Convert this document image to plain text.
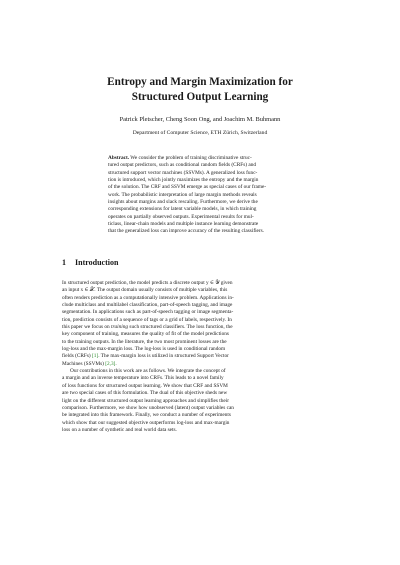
Entropy and Margin Maximization for
Structured Output Learning
Patrick Pletscher, Cheng Soon Ong, and Joachim M. Buhmann
Department of Computer Science, ETH Zürich, Switzerland
Abstract. We consider the problem of training discriminative struc-
tured output predictors, such as conditional random fields (CRFs) and
structured support vector machines (SSVMs). A generalized loss func-
tion is introduced, which jointly maximizes the entropy and the margin
of the solution. The CRF and SSVM emerge as special cases of our frame-
work. The probabilistic interpretation of large margin methods reveals
insights about margins and slack rescaling. Furthermore, we derive the
corresponding extensions for latent variable models, in which training
operates on partially observed outputs. Experimental results for mul-
ticlass, linear-chain models and multiple instance learning demonstrate
that the generalized loss can improve accuracy of the resulting classifiers.
1 Introduction
In structured output prediction, the model predicts a discrete output y ∈ 𝒴 given
an input x ∈ 𝒳. The output domain usually consists of multiple variables, this
often renders prediction as a computationally intensive problem. Applications in-
clude multiclass and multilabel classification, part-of-speech tagging, and image
segmentation. In applications such as part-of-speech tagging or image segmenta-
tion, prediction consists of a sequence of tags or a grid of labels, respectively. In
this paper we focus on training such structured classifiers. The loss function, the
key component of training, measures the quality of fit of the model predictions
to the training outputs. In the literature, the two most prominent losses are the
log-loss and the max-margin loss. The log-loss is used in conditional random
fields (CRFs) [1]. The max-margin loss is utilized in structured Support Vector
Machines (SSVMs) [2,3].
Our contributions in this work are as follows. We integrate the concept of
a margin and an inverse temperature into CRFs. This leads to a novel family
of loss functions for structured output learning. We show that CRF and SSVM
are two special cases of this formulation. The dual of this objective sheds new
light on the different structured output learning approaches and simplifies their
comparison. Furthermore, we show how unobserved (latent) output variables can
be integrated into this framework. Finally, we conduct a number of experiments
which show that our suggested objective outperforms log-loss and max-margin
loss on a number of synthetic and real world data sets.
